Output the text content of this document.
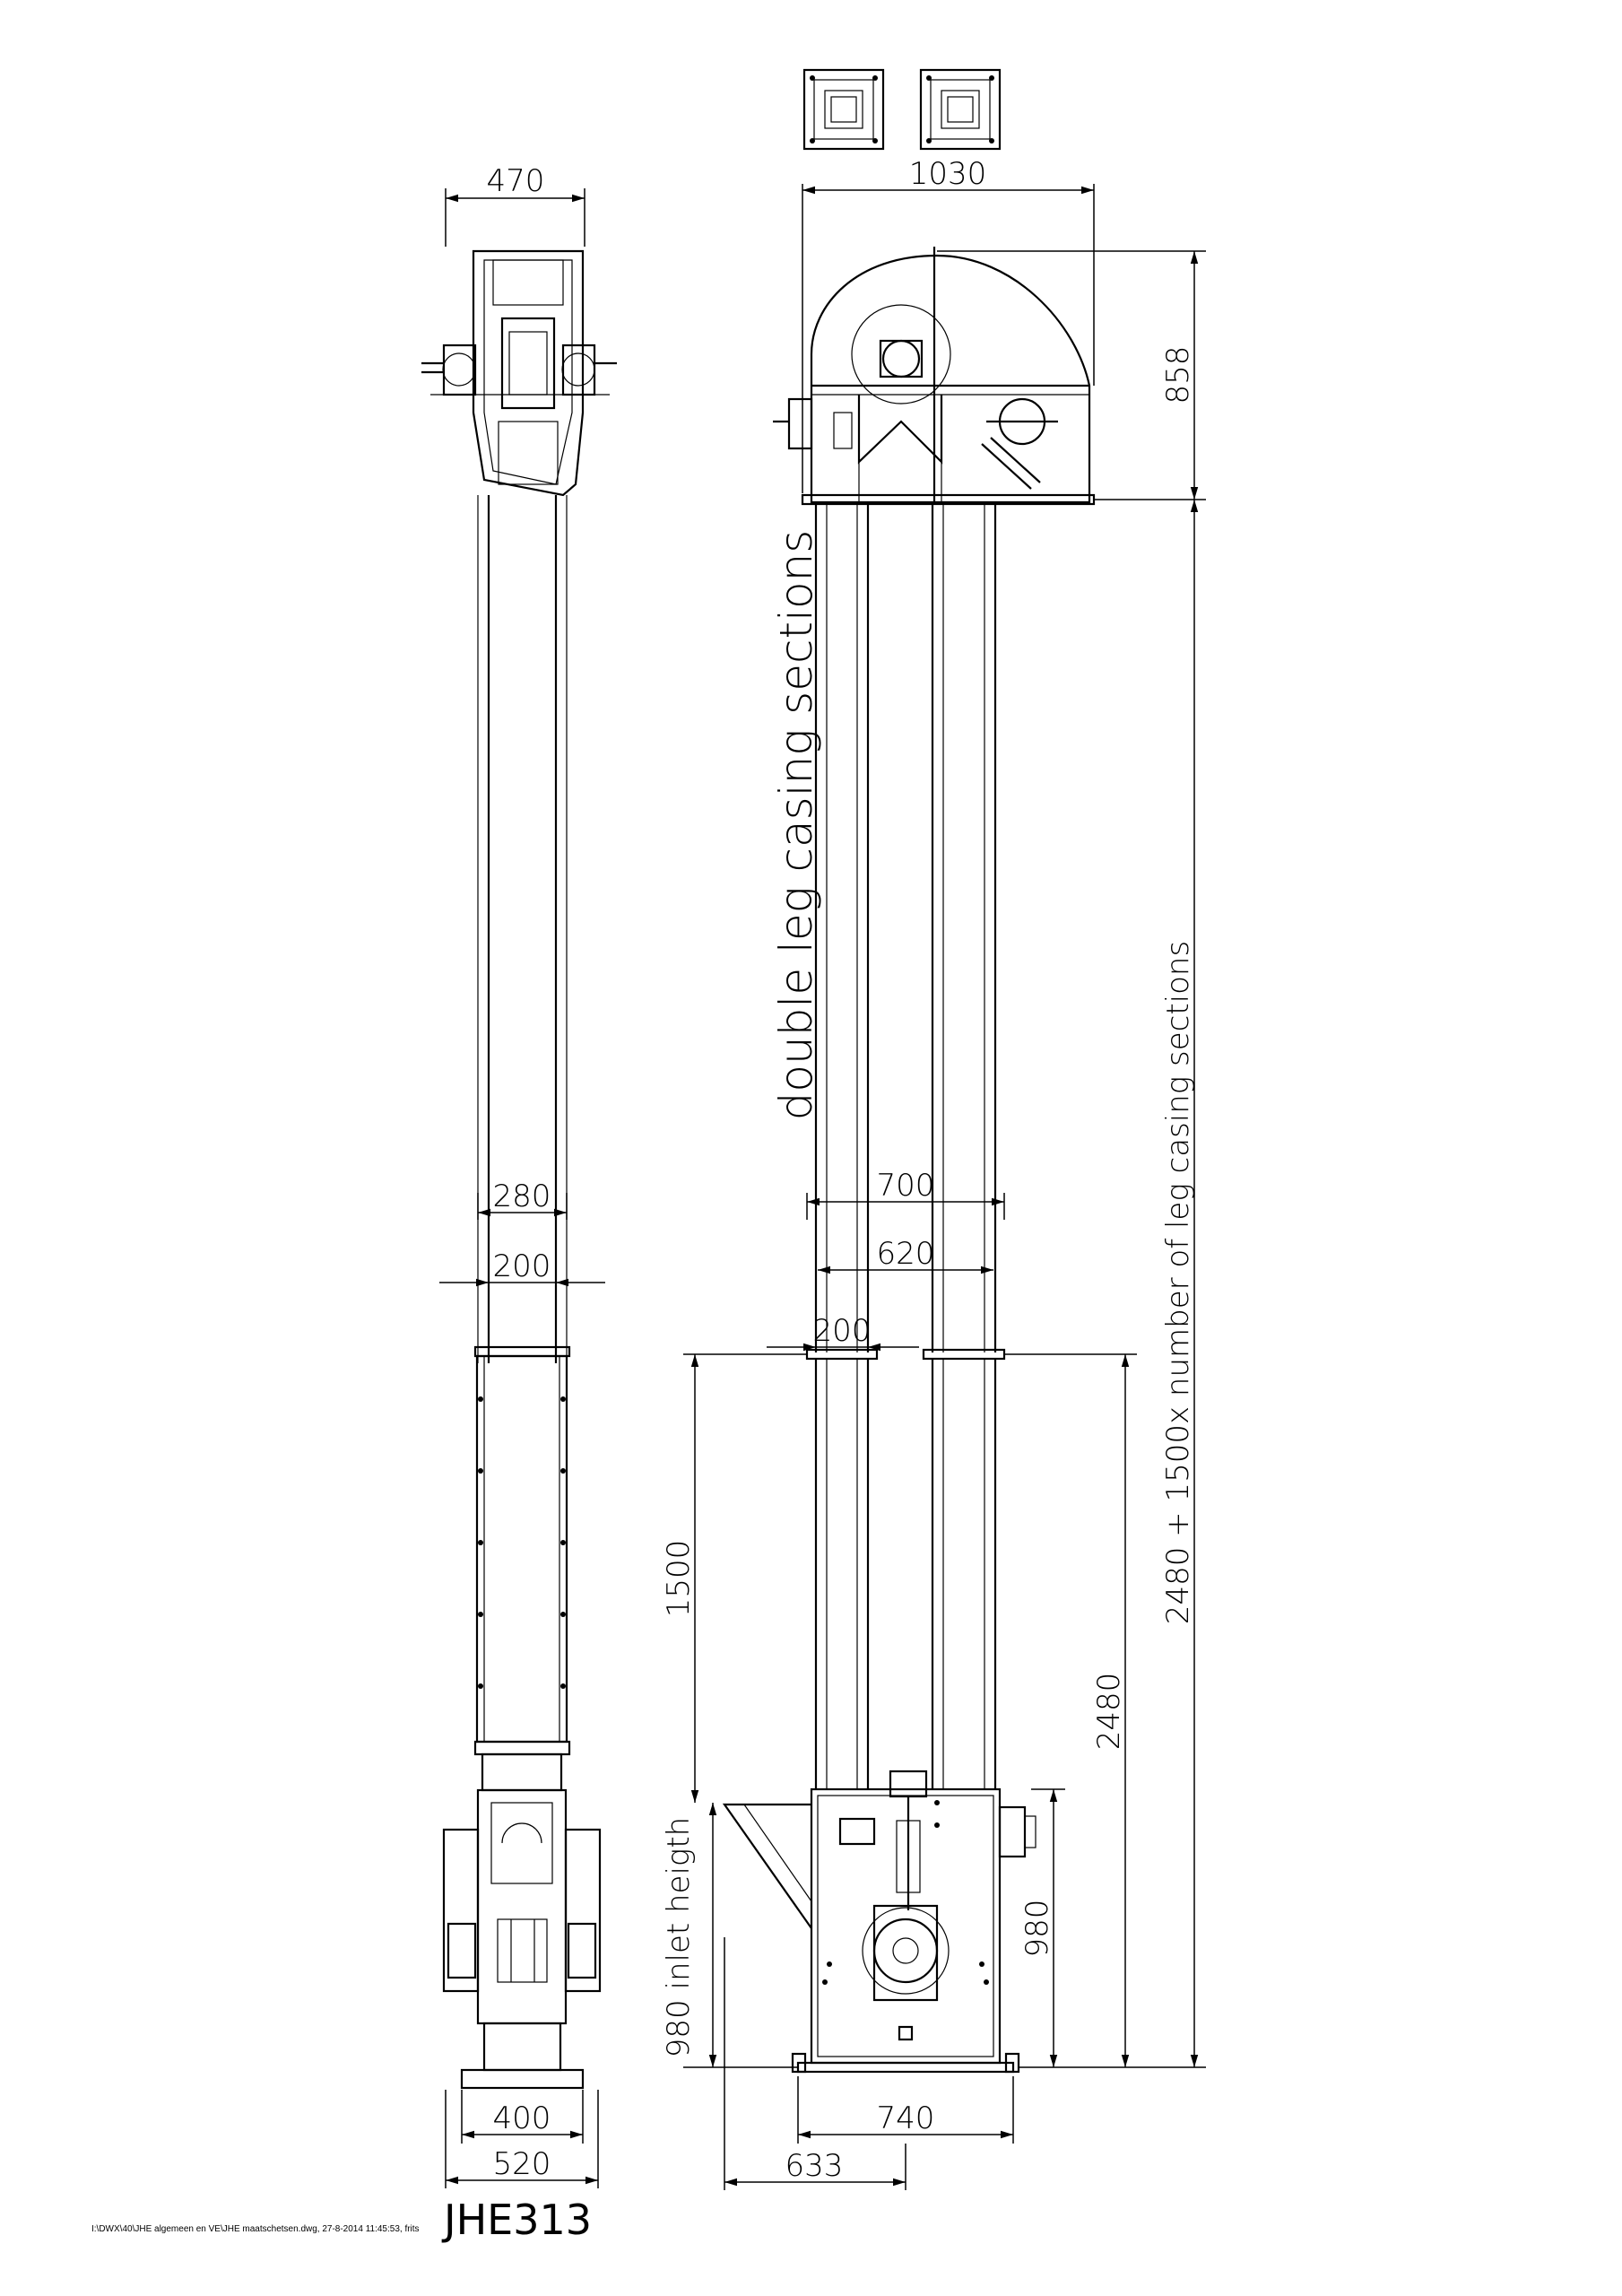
470
280
200
400
520
1030
858
2480 + 1500x number of leg casing sections
2480
980
700
620
200
1500
980 inlet heigth
740
633
double leg casing sections
JHE313
I:\DWX\40\JHE algemeen en VE\JHE maatschetsen.dwg, 27-8-2014 11:45:53, frits
